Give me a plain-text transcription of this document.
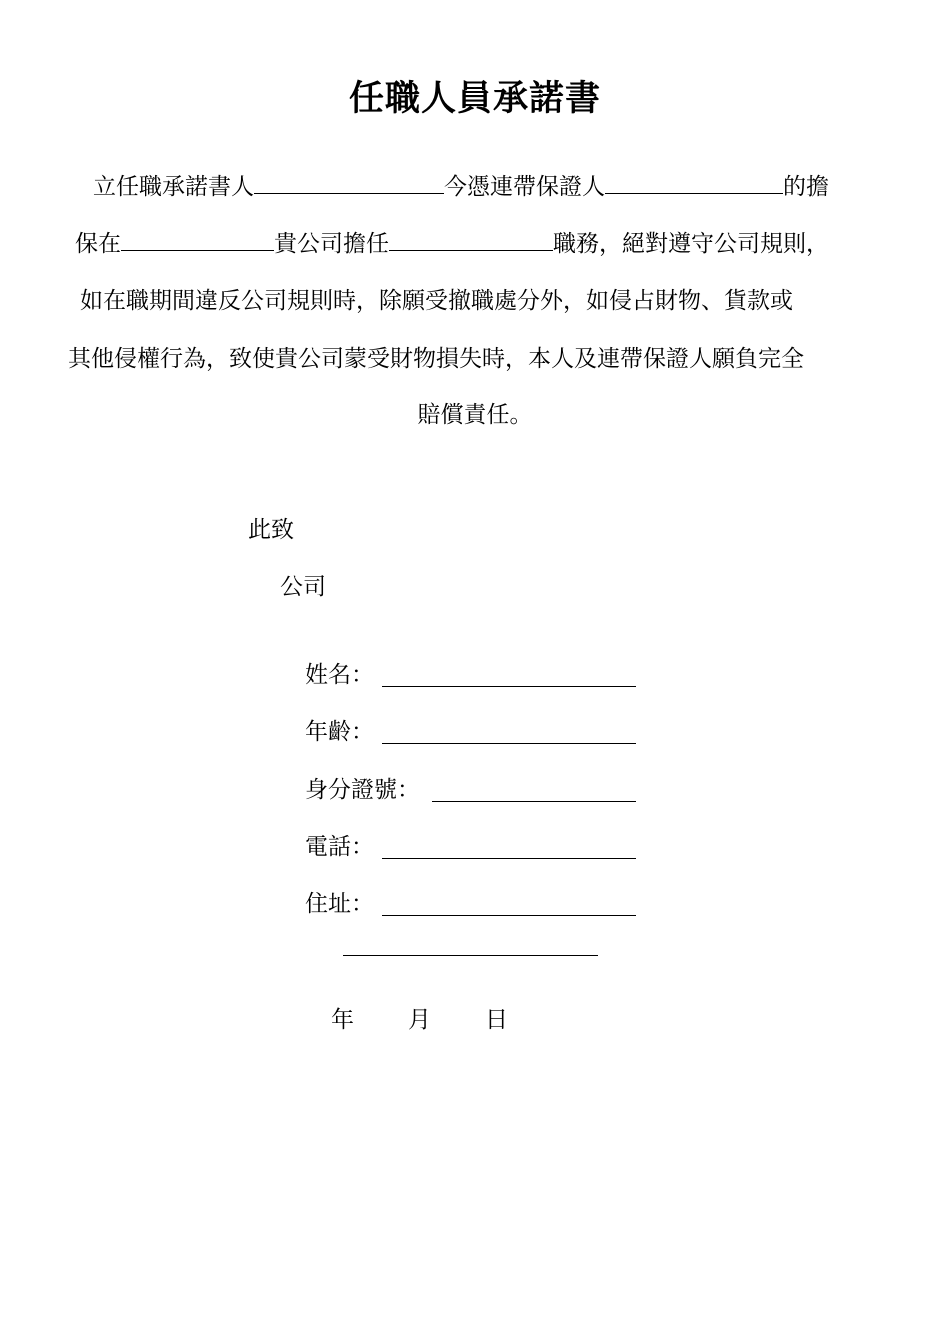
任職人員承諾書
立任職承諾書人	今憑連帶保證人	的擔
保在	貴公司擔任	職務，絕對遵守公司規則，
如在職期間違反公司規則時，除願受撤職處分外，如侵占財物、貨款或
其他侵權行為，致使貴公司蒙受財物損失時，本人及連帶保證人願負完全
賠償責任。
此致
公司
姓名：
年齡：
身分證號：
電話：
住址：
年 月 日
